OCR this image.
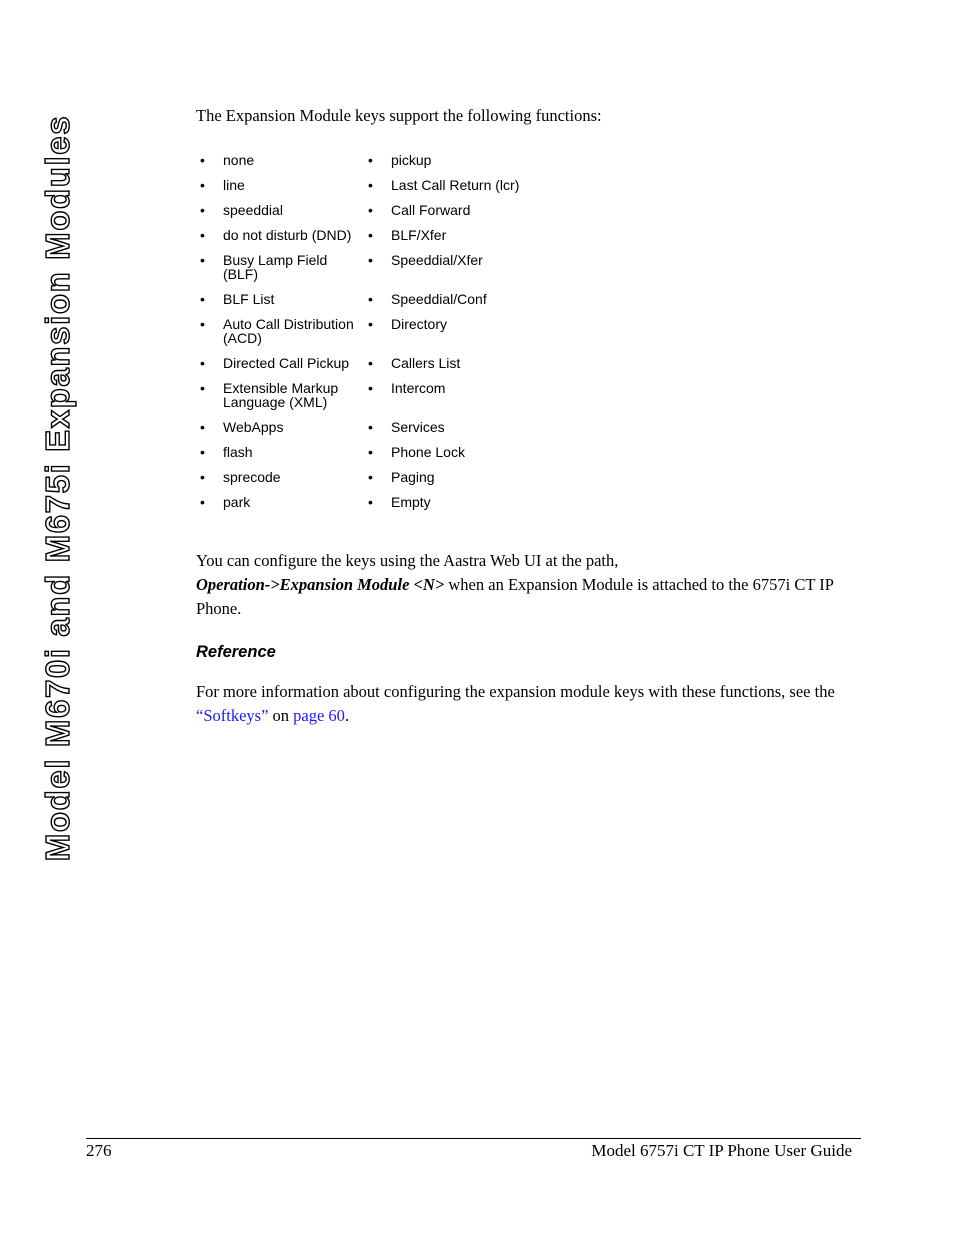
Model M670i and M675i Expansion Modules	The Expansion Module keys support the following functions:

•	none	•	pickup
•	line	•	Last Call Return (lcr)
•	speeddial	•	Call Forward
•	do not disturb (DND)	•	BLF/Xfer
•	Busy Lamp Field (BLF)	•	Speeddial/Xfer
•	BLF List	•	Speeddial/Conf
•	Auto Call Distribution (ACD)	•	Directory
•	Directed Call Pickup	•	Callers List
•	Extensible Markup Language (XML)	•	Intercom
•	WebApps	•	Services
•	flash	•	Phone Lock
•	sprecode	•	Paging
•	park	•	Empty

You can configure the keys using the Aastra Web UI at the path,
Operation->Expansion Module <N> when an Expansion Module is attached to the 6757i CT IP Phone.

Reference

For more information about configuring the expansion module keys with these functions, see the “Softkeys” on page 60.

276	Model 6757i CT IP Phone User Guide
